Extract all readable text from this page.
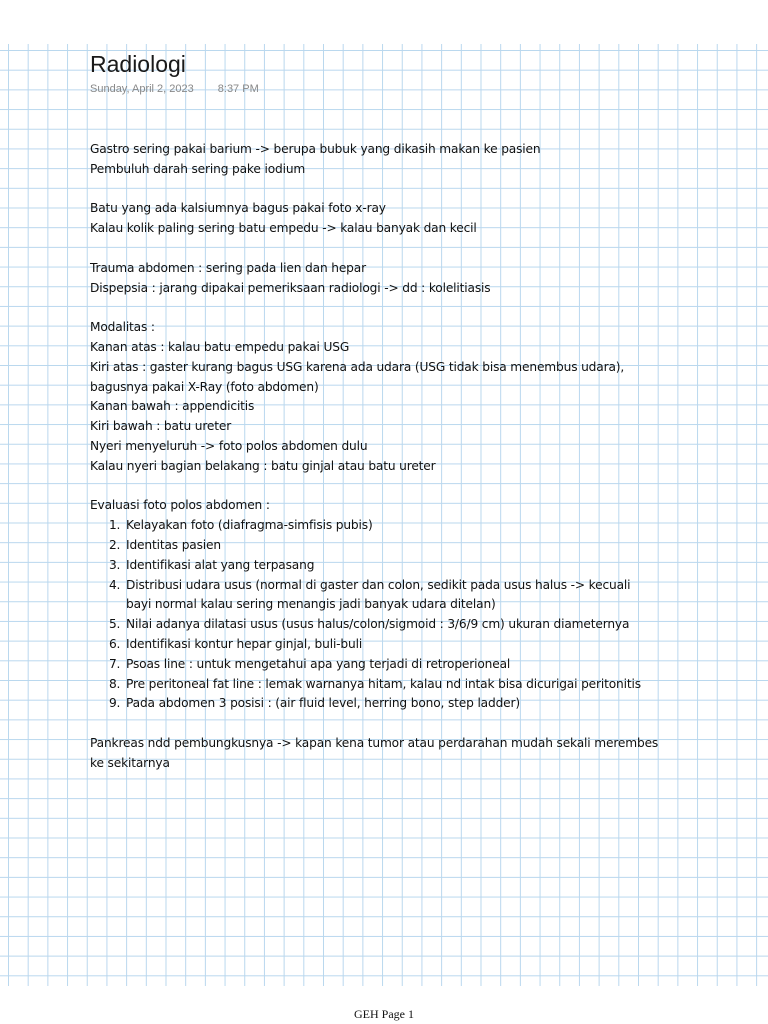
Radiologi
Sunday, April 2, 2023 8:37 PM
Gastro sering pakai barium -> berupa bubuk yang dikasih makan ke pasien
Pembuluh darah sering pake iodium
Batu yang ada kalsiumnya bagus pakai foto x-ray
Kalau kolik paling sering batu empedu -> kalau banyak dan kecil
Trauma abdomen : sering pada lien dan hepar
Dispepsia : jarang dipakai pemeriksaan radiologi -> dd : kolelitiasis
Modalitas :
Kanan atas : kalau batu empedu pakai USG
Kiri atas : gaster kurang bagus USG karena ada udara (USG tidak bisa menembus udara),
bagusnya pakai X-Ray (foto abdomen)
Kanan bawah : appendicitis
Kiri bawah : batu ureter
Nyeri menyeluruh -> foto polos abdomen dulu
Kalau nyeri bagian belakang : batu ginjal atau batu ureter
Evaluasi foto polos abdomen :
1. Kelayakan foto (diafragma-simfisis pubis)
2. Identitas pasien
3. Identifikasi alat yang terpasang
4. Distribusi udara usus (normal di gaster dan colon, sedikit pada usus halus -> kecuali
bayi normal kalau sering menangis jadi banyak udara ditelan)
5. Nilai adanya dilatasi usus (usus halus/colon/sigmoid : 3/6/9 cm) ukuran diameternya
6. Identifikasi kontur hepar ginjal, buli-buli
7. Psoas line : untuk mengetahui apa yang terjadi di retroperioneal
8. Pre peritoneal fat line : lemak warnanya hitam, kalau nd intak bisa dicurigai peritonitis
9. Pada abdomen 3 posisi : (air fluid level, herring bono, step ladder)
Pankreas ndd pembungkusnya -> kapan kena tumor atau perdarahan mudah sekali merembes
ke sekitarnya
GEH Page 1
